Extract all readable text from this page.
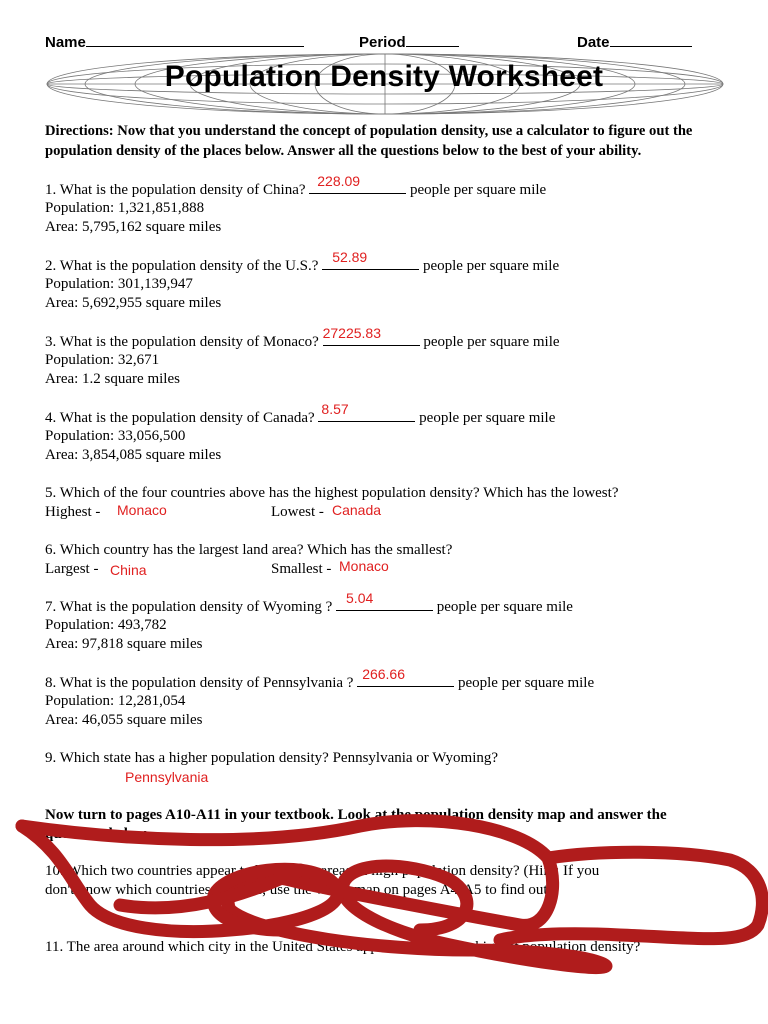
Name	Period	Date
Population Density Worksheet
Directions: Now that you understand the concept of population density, use a calculator to figure out the population density of the places below. Answer all the questions below to the best of your ability.
1. What is the population density of China?
228.09
people per square mile
Population: 1,321,851,888
Area: 5,795,162 square miles
2. What is the population density of the U.S.?
52.89
people per square mile
Population: 301,139,947
Area: 5,692,955 square miles
3. What is the population density of Monaco?
27225.83
people per square mile
Population: 32,671
Area: 1.2 square miles
4. What is the population density of Canada?
8.57
people per square mile
Population: 33,056,500
Area: 3,854,085 square miles
5. Which of the four countries above has the highest population density? Which has the lowest?
Highest - Monaco	Lowest - Canada
6. Which country has the largest land area? Which has the smallest?
Largest - China	Smallest - Monaco
7. What is the population density of Wyoming ?
5.04
people per square mile
Population: 493,782
Area: 97,818 square miles
8. What is the population density of Pennsylvania ?
266.66
people per square mile
Population: 12,281,054
Area: 46,055 square miles
9. Which state has a higher population density? Pennsylvania or Wyoming?
Pennsylvania
Now turn to pages A10-A11 in your textbook. Look at the population density map and answer the
questions below.
10. Which two countries appear to have large areas of high population density? (Hint: If you
don't know which countries they are, use the world map on pages A4-A5 to find out.)
11. The area around which city in the United States appears to have the highest population density?
